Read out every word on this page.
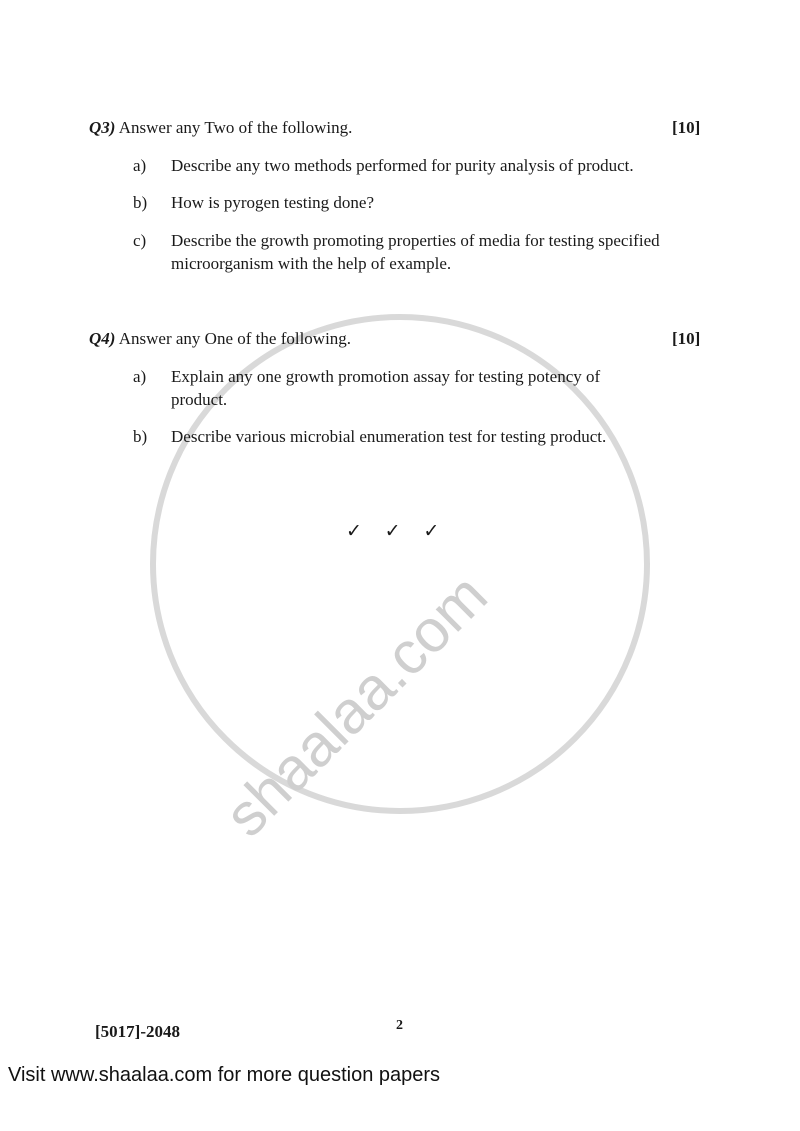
shaalaa.com
Q3) Answer any Two of the following.	[10]
a) Describe any two methods performed for purity analysis of product.
b) How is pyrogen testing done?
c) Describe the growth promoting properties of media for testing specified
microorganism with the help of example.
Q4) Answer any One of the following.	[10]
a) Explain any one growth promotion assay for testing potency of
product.
b) Describe various microbial enumeration test for testing product.
✓ ✓ ✓
[5017]-2048	2
Visit www.shaalaa.com for more question papers
